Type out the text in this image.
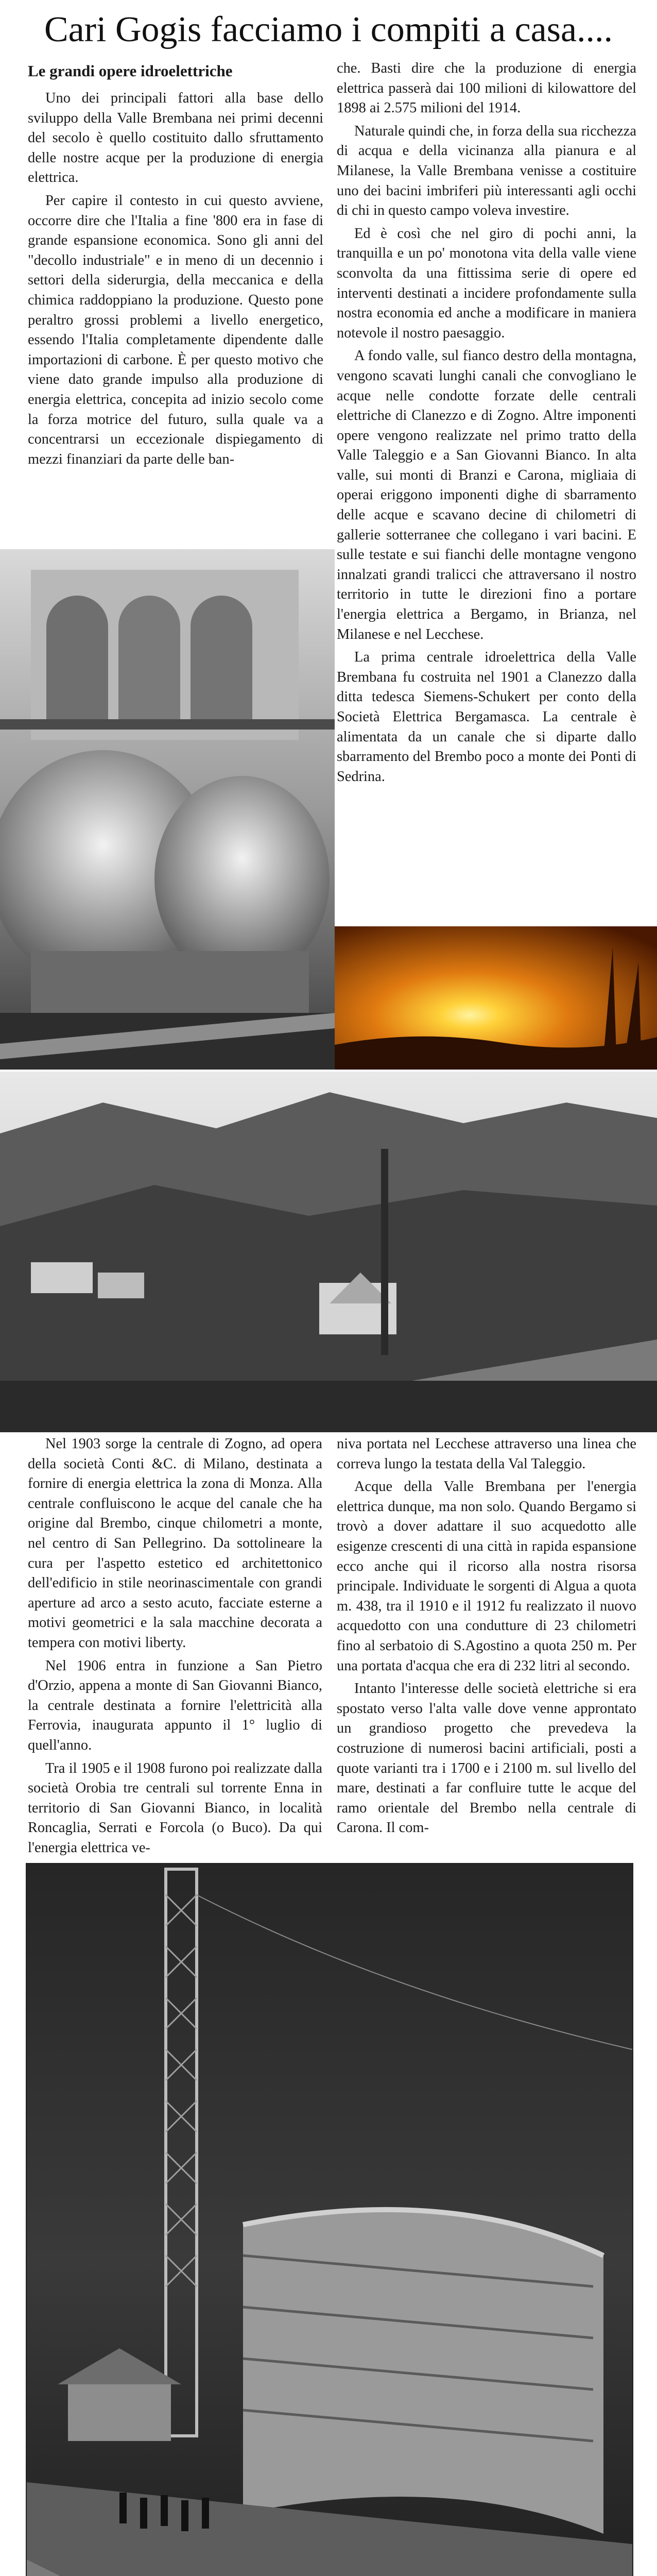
Cari Gogis facciamo i compiti a casa....
Le grandi opere idroelettriche

Uno dei principali fattori alla base dello sviluppo della Valle Brembana nei primi decenni del secolo è quello costituito dallo sfruttamento delle nostre acque per la produzione di energia elettrica.

Per capire il contesto in cui questo avviene, occorre dire che l'Italia a fine '800 era in fase di grande espansione economica. Sono gli anni del "decollo industriale" e in meno di un decennio i settori della siderurgia, della meccanica e della chimica raddoppiano la produzione. Questo pone peraltro grossi problemi a livello energetico, essendo l'Italia completamente dipendente dalle importazioni di carbone. È per questo motivo che viene dato grande impulso alla produzione di energia elettrica, concepita ad inizio secolo come la forza motrice del futuro, sulla quale va a concentrarsi un eccezionale dispiegamento di mezzi finanziari da parte delle ban-

che. Basti dire che la produzione di energia elettrica passerà dai 100 milioni di kilowattore del 1898 ai 2.575 milioni del 1914.

Naturale quindi che, in forza della sua ricchezza di acqua e della vicinanza alla pianura e al Milanese, la Valle Brembana venisse a costituire uno dei bacini imbriferi più interessanti agli occhi di chi in questo campo voleva investire.

Ed è così che nel giro di pochi anni, la tranquilla e un po' monotona vita della valle viene sconvolta da una fittissima serie di opere ed interventi destinati a incidere profondamente sulla nostra economia ed anche a modificare in maniera notevole il nostro paesaggio.

A fondo valle, sul fianco destro della montagna, vengono scavati lunghi canali che convogliano le acque nelle condotte forzate delle centrali elettriche di Clanezzo e di Zogno. Altre imponenti opere vengono realizzate nel primo tratto della Valle Taleggio e a San Giovanni Bianco. In alta valle, sui monti di Branzi e Carona, migliaia di operai eriggono imponenti dighe di sbarramento delle acque e scavano decine di chilometri di gallerie sotterranee che collegano i vari bacini. E sulle testate e sui fianchi delle montagne vengono innalzati grandi tralicci che attraversano il nostro territorio in tutte le direzioni fino a portare l'energia elettrica a Bergamo, in Brianza, nel Milanese e nel Lecchese.

La prima centrale idroelettrica della Valle Brembana fu costruita nel 1901 a Clanezzo dalla ditta tedesca Siemens-Schukert per conto della Società Elettrica Bergamasca. La centrale è alimentata da un canale che si diparte dallo sbarramento del Brembo poco a monte dei Ponti di Sedrina.

Nel 1903 sorge la centrale di Zogno, ad opera della società Conti &C. di Milano, destinata a fornire di energia elettrica la zona di Monza. Alla centrale confluiscono le acque del canale che ha origine dal Brembo, cinque chilometri a monte, nel centro di San Pellegrino. Da sottolineare la cura per l'aspetto estetico ed architettonico dell'edificio in stile neorinascimentale con grandi aperture ad arco a sesto acuto, facciate esterne a motivi geometrici e la sala macchine decorata a tempera con motivi liberty.

Nel 1906 entra in funzione a San Pietro d'Orzio, appena a monte di San Giovanni Bianco, la centrale destinata a fornire l'elettricità alla Ferrovia, inaugurata appunto il 1° luglio di quell'anno.

Tra il 1905 e il 1908 furono poi realizzate dalla società Orobia tre centrali sul torrente Enna in territorio di San Giovanni Bianco, in località Roncaglia, Serrati e Forcola (o Buco). Da qui l'energia elettrica ve-

niva portata nel Lecchese attraverso una linea che correva lungo la testata della Val Taleggio.

Acque della Valle Brembana per l'energia elettrica dunque, ma non solo. Quando Bergamo si trovò a dover adattare il suo acquedotto alle esigenze crescenti di una città in rapida espansione ecco anche qui il ricorso alla nostra risorsa principale. Individuate le sorgenti di Algua a quota m. 438, tra il 1910 e il 1912 fu realizzato il nuovo acquedotto con una condutture di 23 chilometri fino al serbatoio di S.Agostino a quota 250 m. Per una portata d'acqua che era di 232 litri al secondo.

Intanto l'interesse delle società elettriche si era spostato verso l'alta valle dove venne approntato un grandioso progetto che prevedeva la costruzione di numerosi bacini artificiali, posti a quote varianti tra i 1700 e i 2100 m. sul livello del mare, destinati a far confluire tutte le acque del ramo orientale del Brembo nella centrale di Carona. Il com-
